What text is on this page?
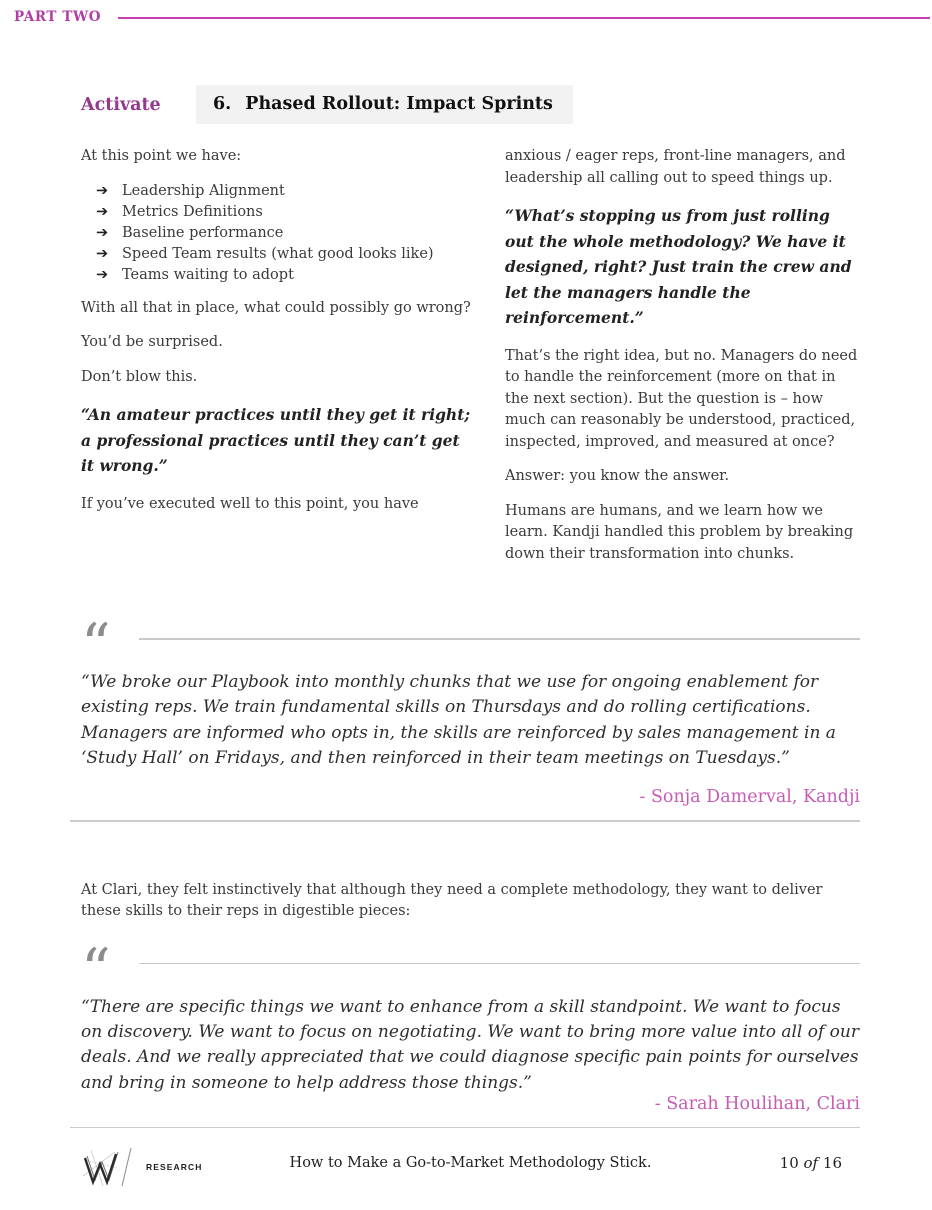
PART TWO
Activate	6. Phased Rollout: Impact Sprints

At this point we have:

➔ Leadership Alignment
➔ Metrics Definitions
➔ Baseline performance
➔ Speed Team results (what good looks like)
➔ Teams waiting to adopt

With all that in place, what could possibly go wrong?

You’d be surprised.

Don’t blow this.

“An amateur practices until they get it right; a professional practices until they can’t get it wrong.”

If you’ve executed well to this point, you have

anxious / eager reps, front-line managers, and leadership all calling out to speed things up.

“What’s stopping us from just rolling out the whole methodology? We have it designed, right? Just train the crew and let the managers handle the reinforcement.”

That’s the right idea, but no. Managers do need to handle the reinforcement (more on that in the next section). But the question is – how much can reasonably be understood, practiced, inspected, improved, and measured at once?

Answer: you know the answer.

Humans are humans, and we learn how we learn. Kandji handled this problem by breaking down their transformation into chunks.

“
“We broke our Playbook into monthly chunks that we use for ongoing enablement for existing reps. We train fundamental skills on Thursdays and do rolling certifications. Managers are informed who opts in, the skills are reinforced by sales management in a ‘Study Hall’ on Fridays, and then reinforced in their team meetings on Tuesdays.”
- Sonja Damerval, Kandji

At Clari, they felt instinctively that although they need a complete methodology, they want to deliver these skills to their reps in digestible pieces:

“
“There are specific things we want to enhance from a skill standpoint. We want to focus on discovery. We want to focus on negotiating. We want to bring more value into all of our deals. And we really appreciated that we could diagnose specific pain points for ourselves and bring in someone to help address those things.”
- Sarah Houlihan, Clari
RESEARCH	How to Make a Go-to-Market Methodology Stick.	10 of 16
